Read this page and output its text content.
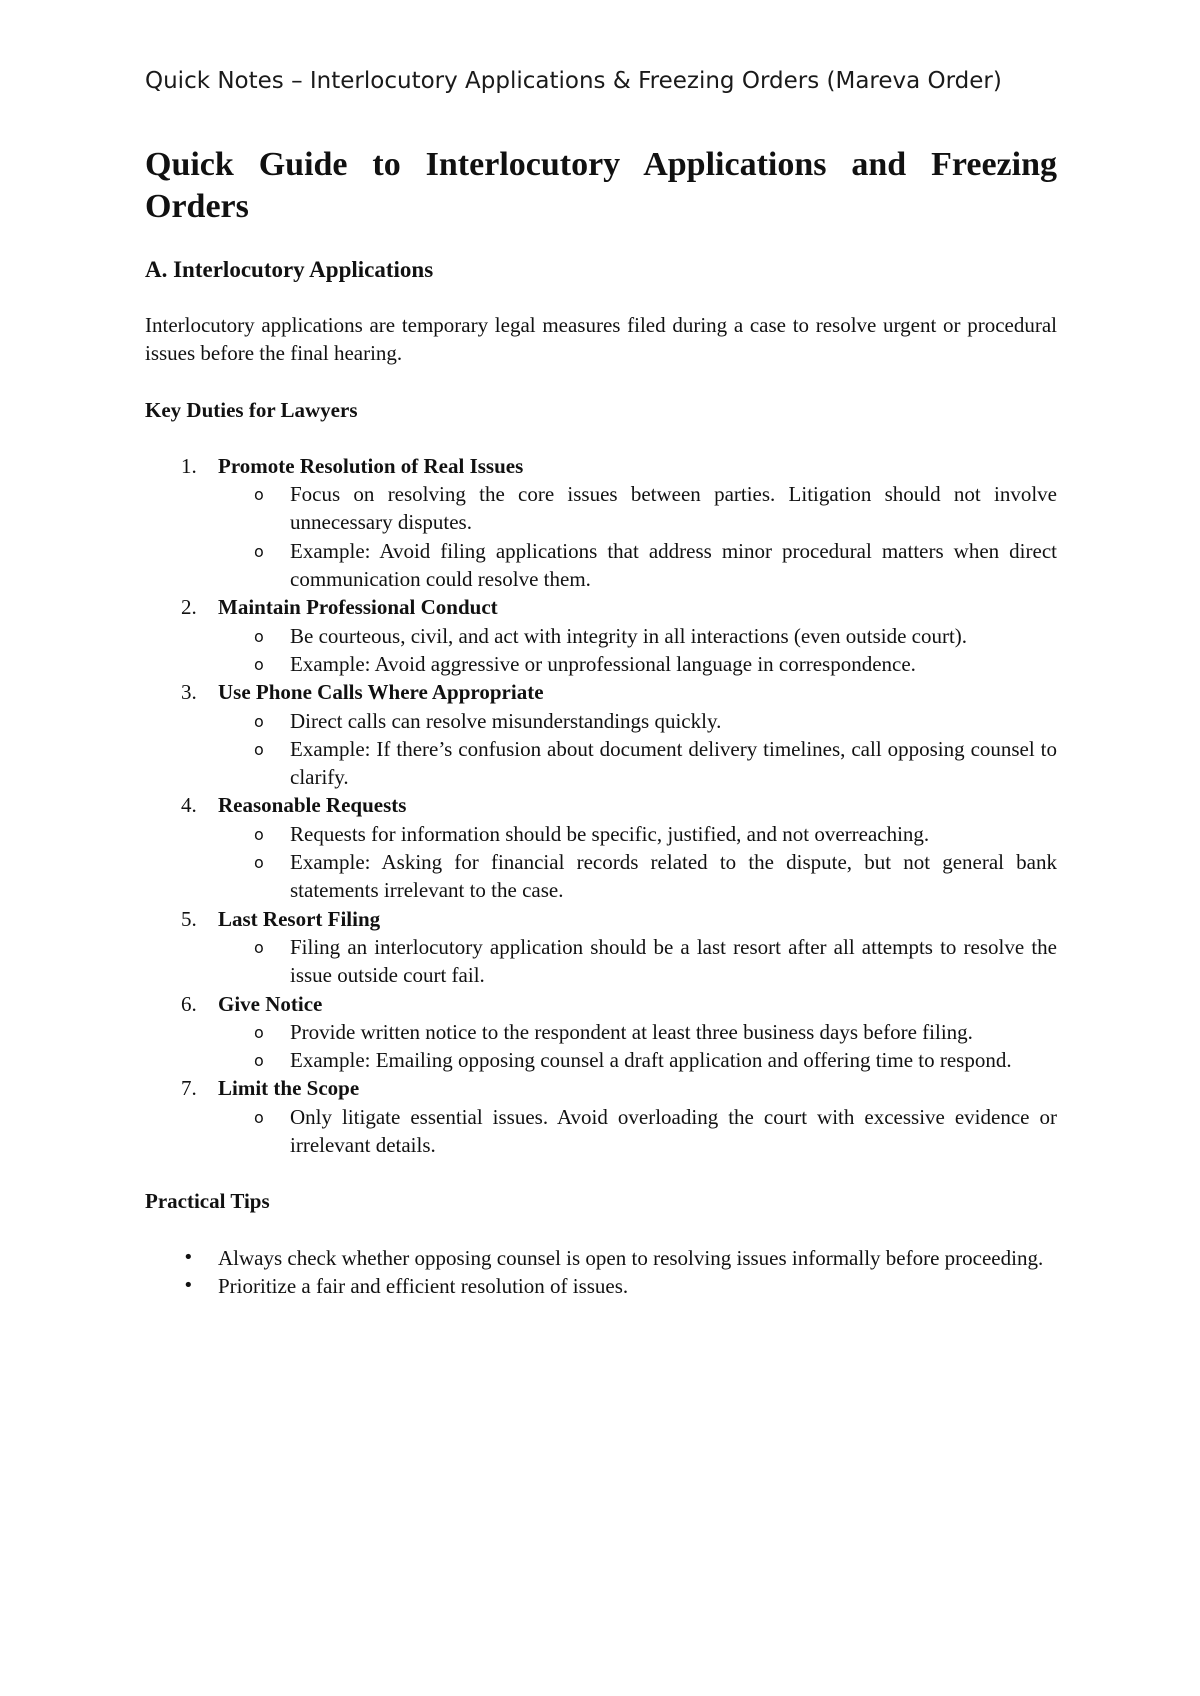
Quick Notes – Interlocutory Applications & Freezing Orders (Mareva Order)
Quick Guide to Interlocutory Applications and Freezing Orders
A. Interlocutory Applications

Interlocutory applications are temporary legal measures filed during a case to resolve urgent or procedural issues before the final hearing.

Key Duties for Lawyers

1. Promote Resolution of Real Issues
o Focus on resolving the core issues between parties. Litigation should not involve unnecessary disputes.
o Example: Avoid filing applications that address minor procedural matters when direct communication could resolve them.
2. Maintain Professional Conduct
o Be courteous, civil, and act with integrity in all interactions (even outside court).
o Example: Avoid aggressive or unprofessional language in correspondence.
3. Use Phone Calls Where Appropriate
o Direct calls can resolve misunderstandings quickly.
o Example: If there’s confusion about document delivery timelines, call opposing counsel to clarify.
4. Reasonable Requests
o Requests for information should be specific, justified, and not overreaching.
o Example: Asking for financial records related to the dispute, but not general bank statements irrelevant to the case.
5. Last Resort Filing
o Filing an interlocutory application should be a last resort after all attempts to resolve the issue outside court fail.
6. Give Notice
o Provide written notice to the respondent at least three business days before filing.
o Example: Emailing opposing counsel a draft application and offering time to respond.
7. Limit the Scope
o Only litigate essential issues. Avoid overloading the court with excessive evidence or irrelevant details.

Practical Tips

• Always check whether opposing counsel is open to resolving issues informally before proceeding.
• Prioritize a fair and efficient resolution of issues.
